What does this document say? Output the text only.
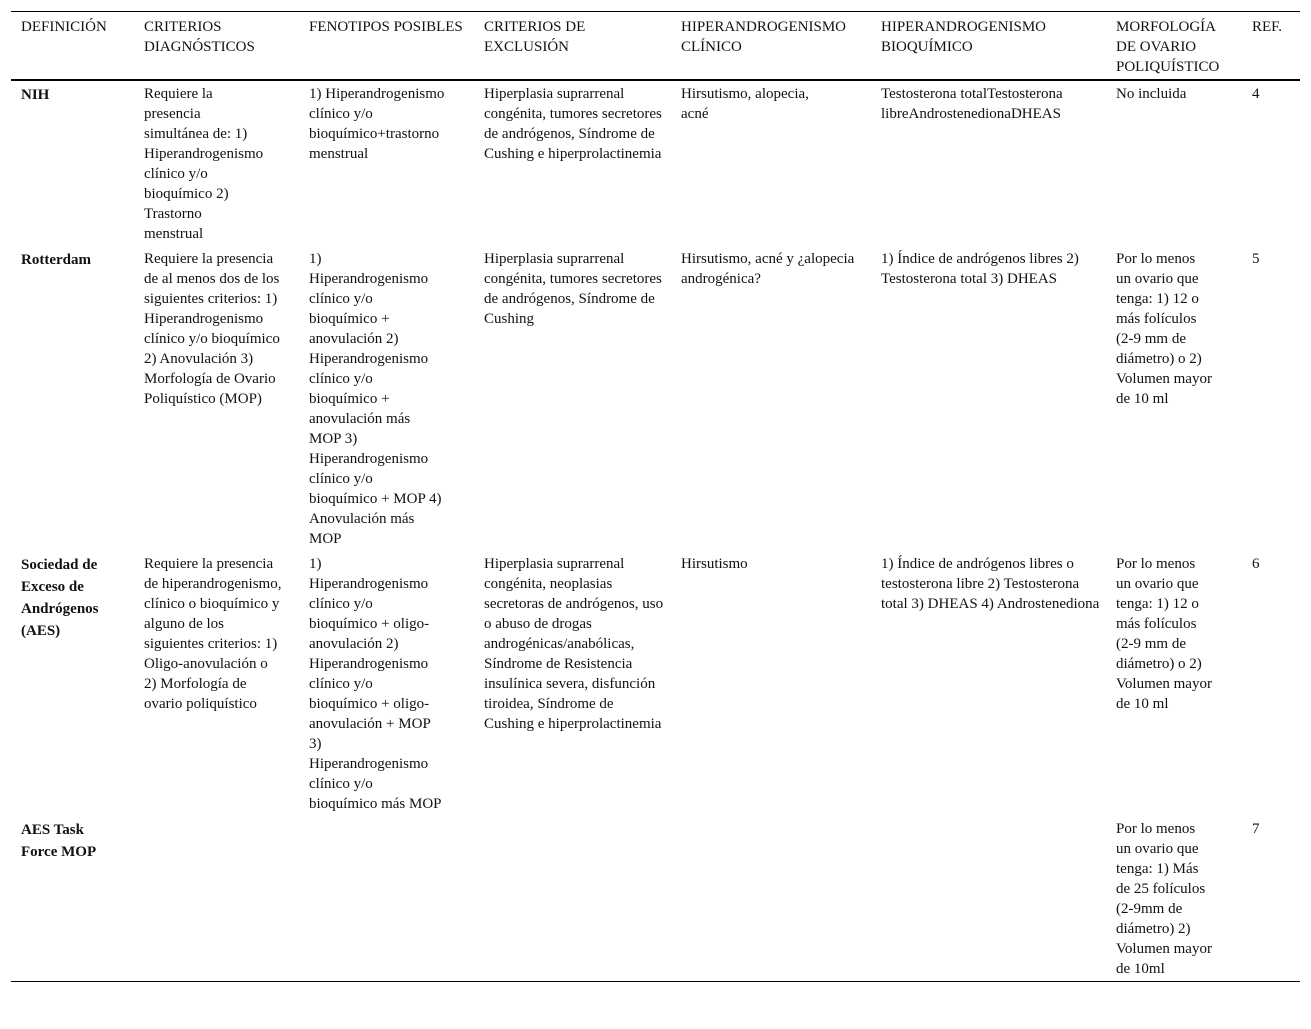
DEFINICIÓN	CRITERIOS DIAGNÓSTICOS	FENOTIPOS POSIBLES	CRITERIOS DE EXCLUSIÓN	HIPERANDROGENISMO CLÍNICO	HIPERANDROGENISMO BIOQUÍMICO	MORFOLOGÍA DE OVARIO POLIQUÍSTICO	REF.
NIH	Requiere la presencia simultánea de: 1) Hiperandrogenismo clínico y/o bioquímico 2) Trastorno menstrual	1) Hiperandrogenismo clínico y/o bioquímico+trastorno menstrual	Hiperplasia suprarrenal congénita, tumores secretores de andrógenos, Síndrome de Cushing e hiperprolactinemia	Hirsutismo, alopecia, acné	Testosterona totalTestosterona libreAndrostenedionaDHEAS	No incluida	4
Rotterdam	Requiere la presencia de al menos dos de los siguientes criterios: 1) Hiperandrogenismo clínico y/o bioquímico 2) Anovulación 3) Morfología de Ovario Poliquístico (MOP)	1) Hiperandrogenismo clínico y/o bioquímico + anovulación 2) Hiperandrogenismo clínico y/o bioquímico + anovulación más MOP 3) Hiperandrogenismo clínico y/o bioquímico + MOP 4) Anovulación más MOP	Hiperplasia suprarrenal congénita, tumores secretores de andrógenos, Síndrome de Cushing	Hirsutismo, acné y ¿alopecia androgénica?	1) Índice de andrógenos libres 2) Testosterona total 3) DHEAS	Por lo menos un ovario que tenga: 1) 12 o más folículos (2-9 mm de diámetro) o 2) Volumen mayor de 10 ml	5
Sociedad de Exceso de Andrógenos (AES)	Requiere la presencia de hiperandrogenismo, clínico o bioquímico y alguno de los siguientes criterios: 1) Oligo-anovulación o 2) Morfología de ovario poliquístico	1) Hiperandrogenismo clínico y/o bioquímico + oligo-anovulación 2) Hiperandrogenismo clínico y/o bioquímico + oligo-anovulación + MOP 3) Hiperandrogenismo clínico y/o bioquímico más MOP	Hiperplasia suprarrenal congénita, neoplasias secretoras de andrógenos, uso o abuso de drogas androgénicas/anabólicas, Síndrome de Resistencia insulínica severa, disfunción tiroidea, Síndrome de Cushing e hiperprolactinemia	Hirsutismo	1) Índice de andrógenos libres o testosterona libre 2) Testosterona total 3) DHEAS 4) Androstenediona	Por lo menos un ovario que tenga: 1) 12 o más folículos (2-9 mm de diámetro) o 2) Volumen mayor de 10 ml	6
AES Task Force MOP						Por lo menos un ovario que tenga: 1) Más de 25 folículos (2-9mm de diámetro) 2) Volumen mayor de 10ml	7
